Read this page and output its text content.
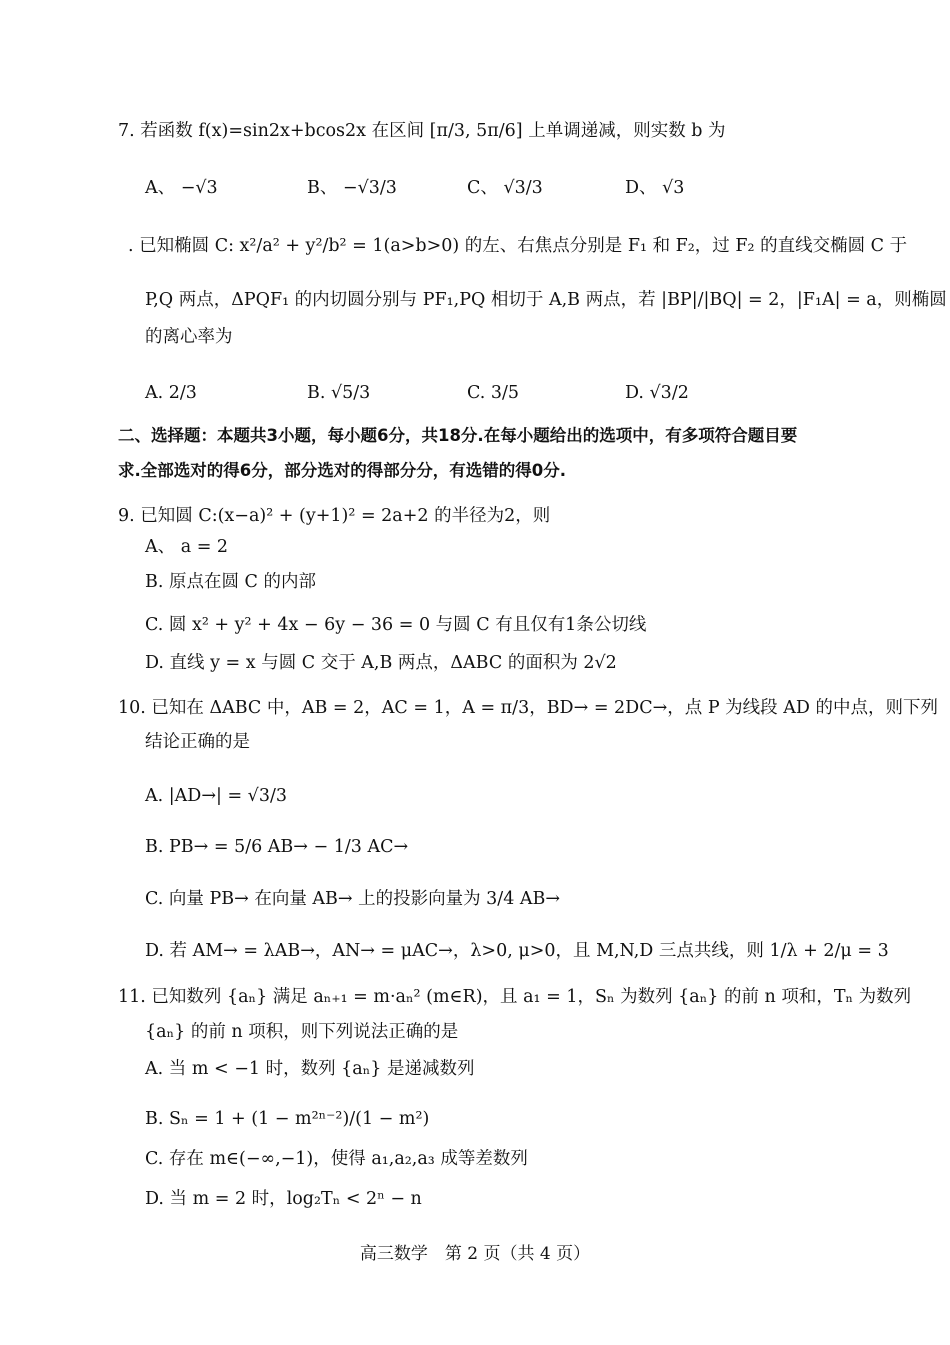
7. 若函数 f(x)=sin2x+bcos2x 在区间 [π/3, 5π/6] 上单调递减，则实数 b 为
A、 −√3	B、 −√3/3	C、 √3/3	D、 √3
. 已知椭圆 C: x²/a² + y²/b² = 1(a>b>0) 的左、右焦点分别是 F₁ 和 F₂，过 F₂ 的直线交椭圆 C 于
P,Q 两点，ΔPQF₁ 的内切圆分别与 PF₁,PQ 相切于 A,B 两点，若 |BP|/|BQ| = 2，|F₁A| = a，则椭圆
的离心率为
A. 2/3	B. √5/3	C. 3/5	D. √3/2
二、选择题：本题共3小题，每小题6分，共18分.在每小题给出的选项中，有多项符合题目要
求.全部选对的得6分，部分选对的得部分分，有选错的得0分.
9. 已知圆 C:(x−a)² + (y+1)² = 2a+2 的半径为2，则
A、 a = 2
B. 原点在圆 C 的内部
C. 圆 x² + y² + 4x − 6y − 36 = 0 与圆 C 有且仅有1条公切线
D. 直线 y = x 与圆 C 交于 A,B 两点，ΔABC 的面积为 2√2
10. 已知在 ΔABC 中，AB = 2，AC = 1，A = π/3，BD→ = 2DC→，点 P 为线段 AD 的中点，则下列
结论正确的是
A. |AD→| = √3/3
B. PB→ = 5/6 AB→ − 1/3 AC→
C. 向量 PB→ 在向量 AB→ 上的投影向量为 3/4 AB→
D. 若 AM→ = λAB→，AN→ = μAC→，λ>0, μ>0，且 M,N,D 三点共线，则 1/λ + 2/μ = 3
11. 已知数列 {aₙ} 满足 aₙ₊₁ = m·aₙ² (m∈R)，且 a₁ = 1，Sₙ 为数列 {aₙ} 的前 n 项和，Tₙ 为数列
{aₙ} 的前 n 项积，则下列说法正确的是
A. 当 m < −1 时，数列 {aₙ} 是递减数列
B. Sₙ = 1 + (1 − m²ⁿ⁻²)/(1 − m²)
C. 存在 m∈(−∞,−1)，使得 a₁,a₂,a₃ 成等差数列
D. 当 m = 2 时，log₂Tₙ < 2ⁿ − n
高三数学　第 2 页（共 4 页）
